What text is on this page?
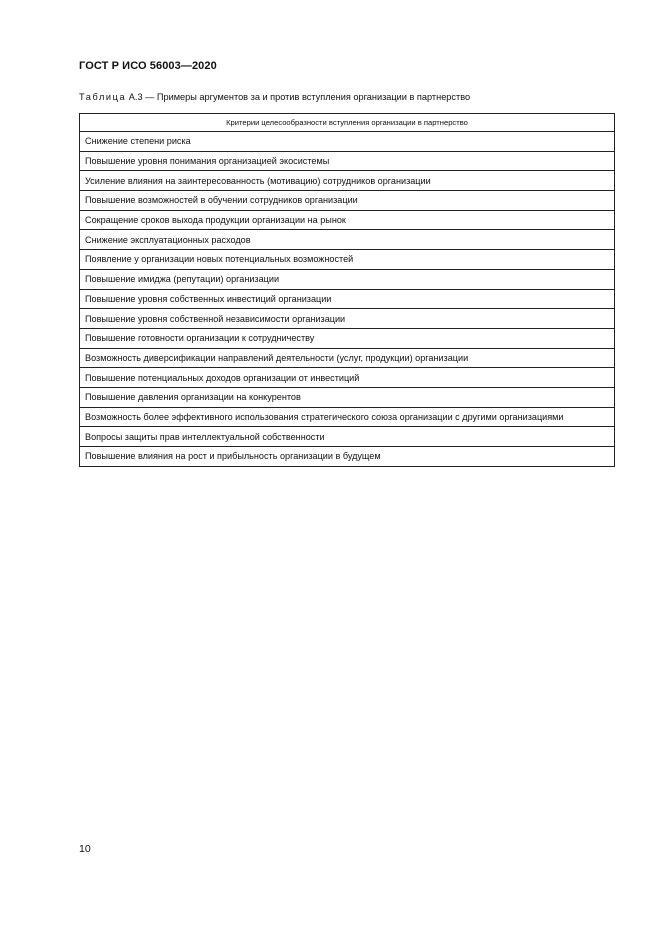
ГОСТ Р ИСО 56003—2020
Таблица А.3 — Примеры аргументов за и против вступления организации в партнерство
Критерии целесообразности вступления организации в партнерство
Снижение степени риска
Повышение уровня понимания организацией экосистемы
Усиление влияния на заинтересованность (мотивацию) сотрудников организации
Повышение возможностей в обучении сотрудников организации
Сокращение сроков выхода продукции организации на рынок
Снижение эксплуатационных расходов
Появление у организации новых потенциальных возможностей
Повышение имиджа (репутации) организации
Повышение уровня собственных инвестиций организации
Повышение уровня собственной независимости организации
Повышение готовности организации к сотрудничеству
Возможность диверсификации направлений деятельности (услуг, продукции) организации
Повышение потенциальных доходов организации от инвестиций
Повышение давления организации на конкурентов
Возможность более эффективного использования стратегического союза организации с другими организациями
Вопросы защиты прав интеллектуальной собственности
Повышение влияния на рост и прибыльность организации в будущем
10
